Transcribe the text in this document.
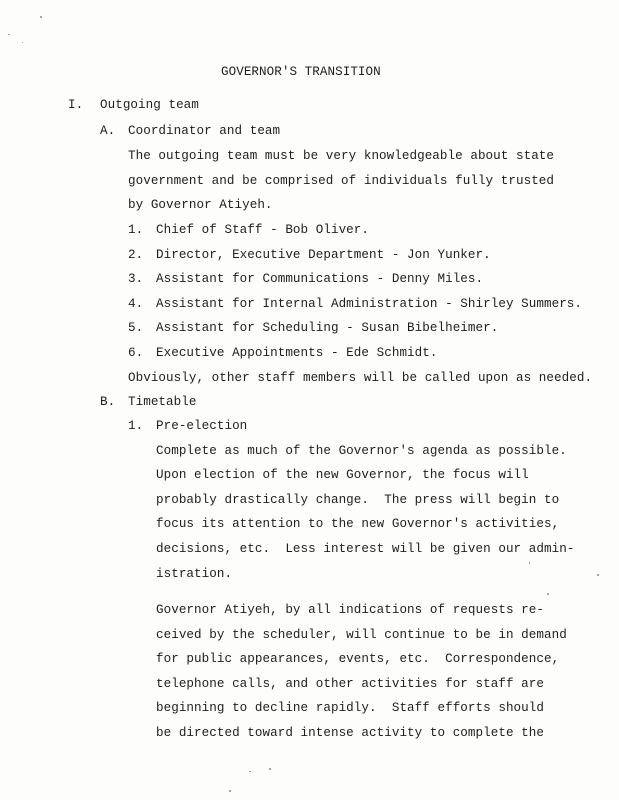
GOVERNOR'S TRANSITION
I. Outgoing team
A. Coordinator and team
The outgoing team must be very knowledgeable about state
government and be comprised of individuals fully trusted
by Governor Atiyeh.
1. Chief of Staff - Bob Oliver.
2. Director, Executive Department - Jon Yunker.
3. Assistant for Communications - Denny Miles.
4. Assistant for Internal Administration - Shirley Summers.
5. Assistant for Scheduling - Susan Bibelheimer.
6. Executive Appointments - Ede Schmidt.
Obviously, other staff members will be called upon as needed.
B. Timetable
1. Pre-election
Complete as much of the Governor's agenda as possible.
Upon election of the new Governor, the focus will
probably drastically change.  The press will begin to
focus its attention to the new Governor's activities,
decisions, etc.  Less interest will be given our admin-
istration.
Governor Atiyeh, by all indications of requests re-
ceived by the scheduler, will continue to be in demand
for public appearances, events, etc.  Correspondence,
telephone calls, and other activities for staff are
beginning to decline rapidly.  Staff efforts should
be directed toward intense activity to complete the
